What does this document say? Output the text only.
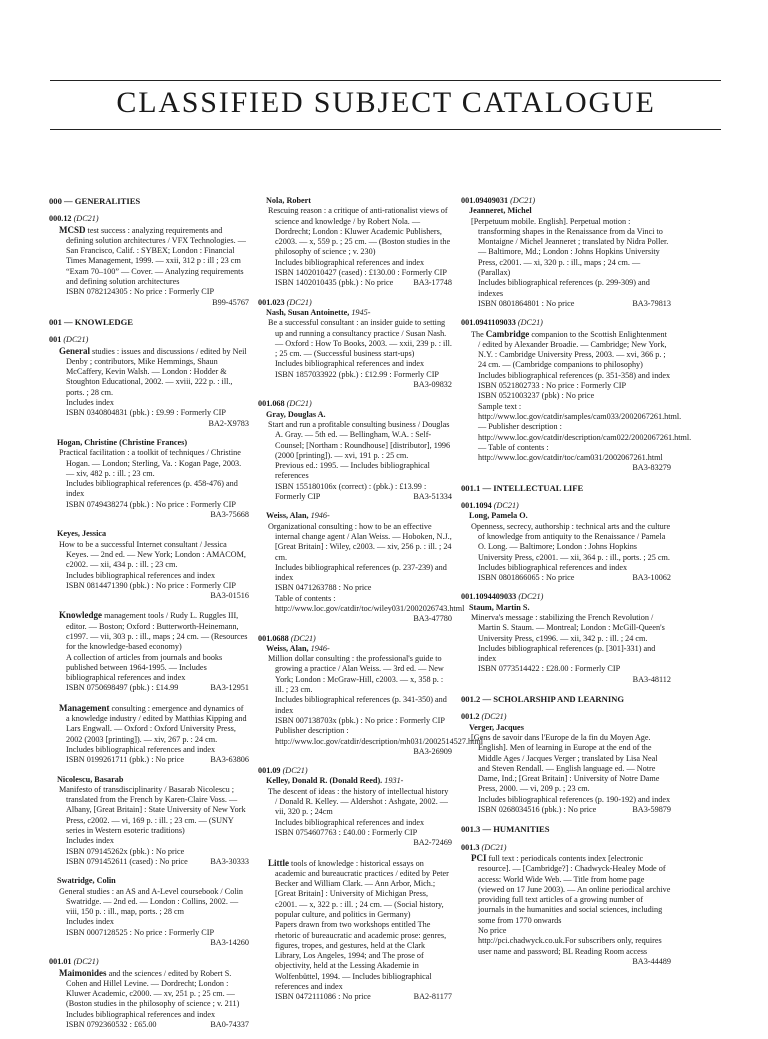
CLASSIFIED SUBJECT CATALOGUE
000 — GENERALITIES
000.12 (DC21)
MCSD test success : analyzing requirements and defining solution architectures / VFX Technologies. — San Francisco, Calif. : SYBEX; London : Financial Times Management, 1999. — xxii, 312 p : ill ; 23 cm
“Exam 70–100” — Cover. — Analyzing requirements and defining solution architectures
ISBN 0782124305 : No price : Formerly CIP
B99-45767
001 — KNOWLEDGE
001 (DC21)
General studies : issues and discussions / edited by Neil Denby ; contributors, Mike Hemmings, Shaun McCaffery, Kevin Walsh. — London : Hodder & Stoughton Educational, 2002. — xviii, 222 p. : ill., ports. ; 28 cm.
Includes index
ISBN 0340804831 (pbk.) : £9.99 : Formerly CIP
BA2-X9783
Hogan, Christine (Christine Frances)
Practical facilitation : a toolkit of techniques / Christine Hogan. — London; Sterling, Va. : Kogan Page, 2003. — xiv, 482 p. : ill. ; 23 cm.
Includes bibliographical references (p. 458-476) and index
ISBN 0749438274 (pbk.) : No price : Formerly CIP
BA3-75668
Keyes, Jessica
How to be a successful Internet consultant / Jessica Keyes. — 2nd ed. — New York; London : AMACOM, c2002. — xii, 434 p. : ill. ; 23 cm.
Includes bibliographical references and index
ISBN 0814471390 (pbk.) : No price : Formerly CIP
BA3-01516
Knowledge management tools / Rudy L. Ruggles III, editor. — Boston; Oxford : Butterworth-Heinemann, c1997. — vii, 303 p. : ill., maps ; 24 cm. — (Resources for the knowledge-based economy)
A collection of articles from journals and books published between 1964-1995. — Includes bibliographical references and index
ISBN 0750698497 (pbk.) : £14.99	BA3-12951
Management consulting : emergence and dynamics of a knowledge industry / edited by Matthias Kipping and Lars Engwall. — Oxford : Oxford University Press, 2002 (2003 [printing]). — xiv, 267 p. : 24 cm.
Includes bibliographical references and index
ISBN 0199261711 (pbk.) : No price	BA3-63806
Nicolescu, Basarab
Manifesto of transdisciplinarity / Basarab Nicolescu ; translated from the French by Karen-Claire Voss. — Albany, [Great Britain] : State University of New York Press, c2002. — vi, 169 p. : ill. ; 23 cm. — (SUNY series in Western esoteric traditions)
Includes index
ISBN 079145262x (pbk.) : No price
ISBN 0791452611 (cased) : No price	BA3-30333
Swatridge, Colin
General studies : an AS and A-Level coursebook / Colin Swatridge. — 2nd ed. — London : Collins, 2002. — viii, 150 p. : ill., map, ports. ; 28 cm
Includes index
ISBN 0007128525 : No price : Formerly CIP
BA3-14260
001.01 (DC21)
Maimonides and the sciences / edited by Robert S. Cohen and Hillel Levine. — Dordrecht; London : Kluwer Academic, c2000. — xv, 251 p. ; 25 cm. — (Boston studies in the philosophy of science ; v. 211)
Includes bibliographical references and index
ISBN 0792360532 : £65.00	BA0-74337
Nola, Robert
Rescuing reason : a critique of anti-rationalist views of science and knowledge / by Robert Nola. — Dordrecht; London : Kluwer Academic Publishers, c2003. — x, 559 p. ; 25 cm. — (Boston studies in the philosophy of science ; v. 230)
Includes bibliographical references and index
ISBN 1402010427 (cased) : £130.00 : Formerly CIP
ISBN 1402010435 (pbk.) : No price BA3-17748
001.023 (DC21)
Nash, Susan Antoinette, 1945-
Be a successful consultant : an insider guide to setting up and running a consultancy practice / Susan Nash. — Oxford : How To Books, 2003. — xxii, 239 p. : ill. ; 25 cm. — (Successful business start-ups)
Includes bibliographical references and index
ISBN 1857033922 (pbk.) : £12.99 : Formerly CIP
BA3-09832
001.068 (DC21)
Gray, Douglas A.
Start and run a profitable consulting business / Douglas A. Gray. — 5th ed. — Bellingham, W.A. : Self-Counsel; [Northam : Roundhouse] [distributor], 1996 (2000 [printing]). — xvi, 191 p. : 25 cm.
Previous ed.: 1995. — Includes bibliographical references
ISBN 155180106x (correct) : (pbk.) : £13.99 : Formerly CIP	BA3-51334
Weiss, Alan, 1946-
Organizational consulting : how to be an effective internal change agent / Alan Weiss. — Hoboken, N.J., [Great Britain] : Wiley, c2003. — xiv, 256 p. : ill. ; 24 cm.
Includes bibliographical references (p. 237-239) and index
ISBN 0471263788 : No price
Table of contents : http://www.loc.gov/catdir/toc/wiley031/2002026743.html
BA3-47780
001.0688 (DC21)
Weiss, Alan, 1946-
Million dollar consulting : the professional's guide to growing a practice / Alan Weiss. — 3rd ed. — New York; London : McGraw-Hill, c2003. — x, 358 p. : ill. ; 23 cm.
Includes bibliographical references (p. 341-350) and index
ISBN 007138703x (pbk.) : No price : Formerly CIP
Publisher description : http://www.loc.gov/catdir/description/mh031/2002514527.html
BA3-26909
001.09 (DC21)
Kelley, Donald R. (Donald Reed). 1931-
The descent of ideas : the history of intellectual history / Donald R. Kelley. — Aldershot : Ashgate, 2002. — vii, 320 p. ; 24cm
Includes bibliographical references and index
ISBN 0754607763 : £40.00 : Formerly CIP
BA2-72469
Little tools of knowledge : historical essays on academic and bureaucratic practices / edited by Peter Becker and William Clark. — Ann Arbor, Mich.; [Great Britain] : University of Michigan Press, c2001. — x, 322 p. : ill. ; 24 cm. — (Social history, popular culture, and politics in Germany)
Papers drawn from two workshops entitled The rhetoric of bureaucratic and academic prose: genres, figures, tropes, and gestures, held at the Clark Library, Los Angeles, 1994; and The prose of objectivity, held at the Lessing Akademie in Wolfenbüttel, 1994. — Includes bibliographical references and index
ISBN 0472111086 : No price	BA2-81177
001.09409031 (DC21)
Jeanneret, Michel
[Perpetuum mobile. English]. Perpetual motion : transforming shapes in the Renaissance from da Vinci to Montaigne / Michel Jeanneret ; translated by Nidra Poller. — Baltimore, Md.; London : Johns Hopkins University Press, c2001. — xi, 320 p. : ill., maps ; 24 cm. — (Parallax)
Includes bibliographical references (p. 299-309) and indexes
ISBN 0801864801 : No price	BA3-79813
001.0941109033 (DC21)
The Cambridge companion to the Scottish Enlightenment / edited by Alexander Broadie. — Cambridge; New York, N.Y. : Cambridge University Press, 2003. — xvi, 366 p. ; 24 cm. — (Cambridge companions to philosophy)
Includes bibliographical references (p. 351-358) and index
ISBN 0521802733 : No price : Formerly CIP
ISBN 0521003237 (pbk) : No price
Sample text : http://www.loc.gov/catdir/samples/cam033/2002067261.html. — Publisher description : http://www.loc.gov/catdir/description/cam022/2002067261.html. — Table of contents : http://www.loc.gov/catdir/toc/cam031/2002067261.html
BA3-83279
001.1 — INTELLECTUAL LIFE
001.1094 (DC21)
Long, Pamela O.
Openness, secrecy, authorship : technical arts and the culture of knowledge from antiquity to the Renaissance / Pamela O. Long. — Baltimore; London : Johns Hopkins University Press, c2001. — xii, 364 p. : ill., ports. ; 25 cm.
Includes bibliographical references and index
ISBN 0801866065 : No price	BA3-10062
001.1094409033 (DC21)
Staum, Martin S.
Minerva's message : stabilizing the French Revolution / Martin S. Staum. — Montreal; London : McGill-Queen's University Press, c1996. — xii, 342 p. : ill. ; 24 cm.
Includes bibliographical references (p. [301]-331) and index
ISBN 0773514422 : £28.00 : Formerly CIP
BA3-48112
001.2 — SCHOLARSHIP AND LEARNING
001.2 (DC21)
Verger, Jacques
[Gens de savoir dans l'Europe de la fin du Moyen Age. English]. Men of learning in Europe at the end of the Middle Ages / Jacques Verger ; translated by Lisa Neal and Steven Rendall. — English language ed. — Notre Dame, Ind.; [Great Britain] : University of Notre Dame Press, 2000. — vi, 209 p. ; 23 cm.
Includes bibliographical references (p. 190-192) and index
ISBN 0268034516 (pbk.) : No price	BA3-59879
001.3 — HUMANITIES
001.3 (DC21)
PCI full text : periodicals contents index [electronic resource]. — [Cambridge?] : Chadwyck-Healey Mode of access: World Wide Web. — Title from home page (viewed on 17 June 2003). — An online periodical archive providing full text articles of a growing number of journals in the humanities and social sciences, including some from 1770 onwards
No price
http://pci.chadwyck.co.uk.For subscribers only, requires user name and password; BL Reading Room access
BA3-44489
